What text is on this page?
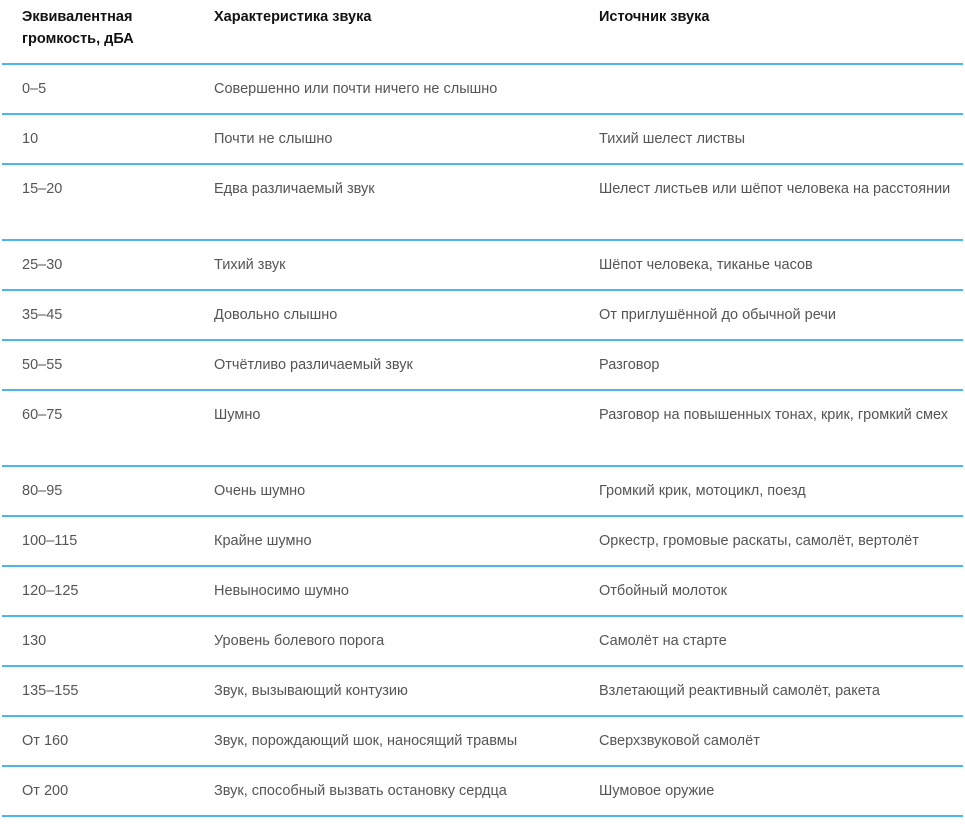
Эквивалентная громкость, дБА	Характеристика звука	Источник звука
0–5	Совершенно или почти ничего не слышно	
10	Почти не слышно	Тихий шелест листвы
15–20	Едва различаемый звук	Шелест листьев или шёпот человека на расстоянии
25–30	Тихий звук	Шёпот человека, тиканье часов
35–45	Довольно слышно	От приглушённой до обычной речи
50–55	Отчётливо различаемый звук	Разговор
60–75	Шумно	Разговор на повышенных тонах, крик, громкий смех
80–95	Очень шумно	Громкий крик, мотоцикл, поезд
100–115	Крайне шумно	Оркестр, громовые раскаты, самолёт, вертолёт
120–125	Невыносимо шумно	Отбойный молоток
130	Уровень болевого порога	Самолёт на старте
135–155	Звук, вызывающий контузию	Взлетающий реактивный самолёт, ракета
От 160	Звук, порождающий шок, наносящий травмы	Сверхзвуковой самолёт
От 200	Звук, способный вызвать остановку сердца	Шумовое оружие
